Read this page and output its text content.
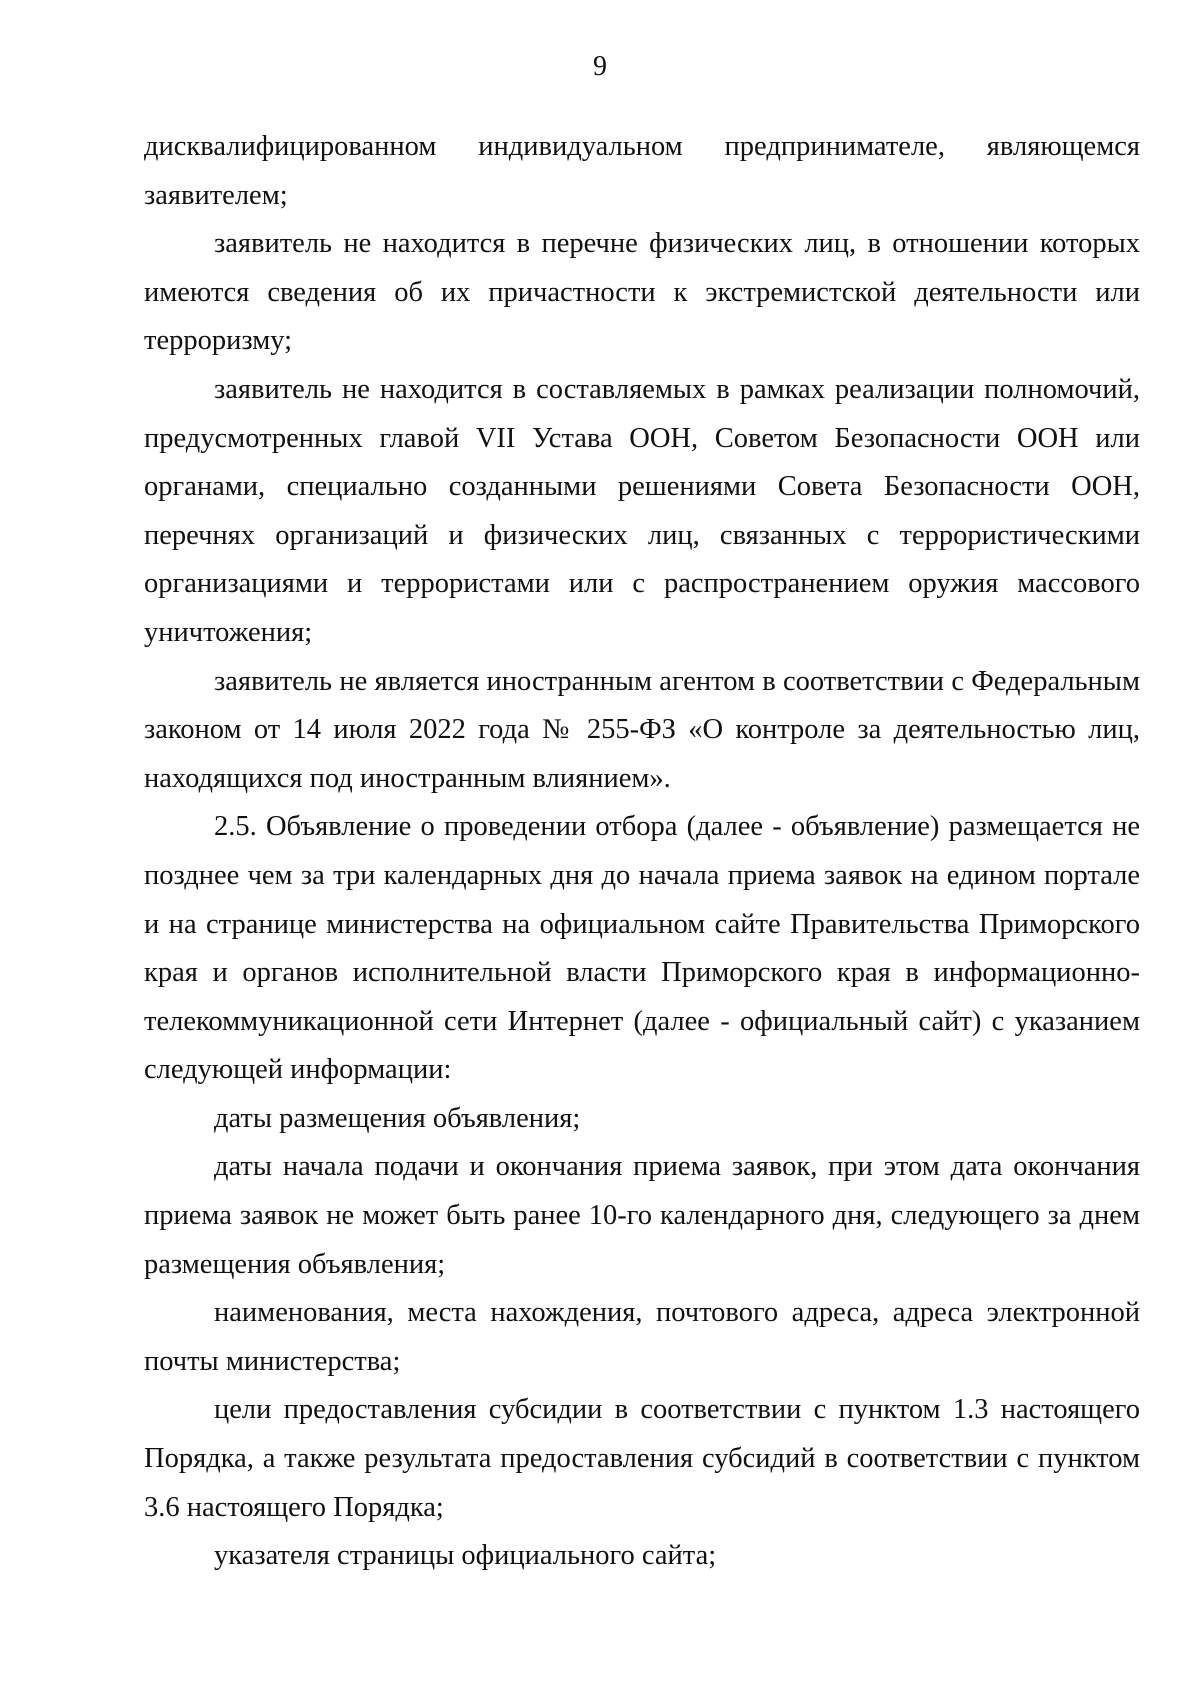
9

дисквалифицированном индивидуальном предпринимателе, являющемся заявителем;

заявитель не находится в перечне физических лиц, в отношении которых имеются сведения об их причастности к экстремистской деятельности или терроризму;

заявитель не находится в составляемых в рамках реализации полномочий, предусмотренных главой VII Устава ООН, Советом Безопасности ООН или органами, специально созданными решениями Совета Безопасности ООН, перечнях организаций и физических лиц, связанных с террористическими организациями и террористами или с распространением оружия массового уничтожения;

заявитель не является иностранным агентом в соответствии с Федеральным законом от 14 июля 2022 года № 255-ФЗ «О контроле за деятельностью лиц, находящихся под иностранным влиянием».

2.5. Объявление о проведении отбора (далее - объявление) размещается не позднее чем за три календарных дня до начала приема заявок на едином портале и на странице министерства на официальном сайте Правительства Приморского края и органов исполнительной власти Приморского края в информационно-телекоммуникационной сети Интернет (далее - официальный сайт) с указанием следующей информации:

даты размещения объявления;

даты начала подачи и окончания приема заявок, при этом дата окончания приема заявок не может быть ранее 10-го календарного дня, следующего за днем размещения объявления;

наименования, места нахождения, почтового адреса, адреса электронной почты министерства;

цели предоставления субсидии в соответствии с пунктом 1.3 настоящего Порядка, а также результата предоставления субсидий в соответствии с пунктом 3.6 настоящего Порядка;

указателя страницы официального сайта;
